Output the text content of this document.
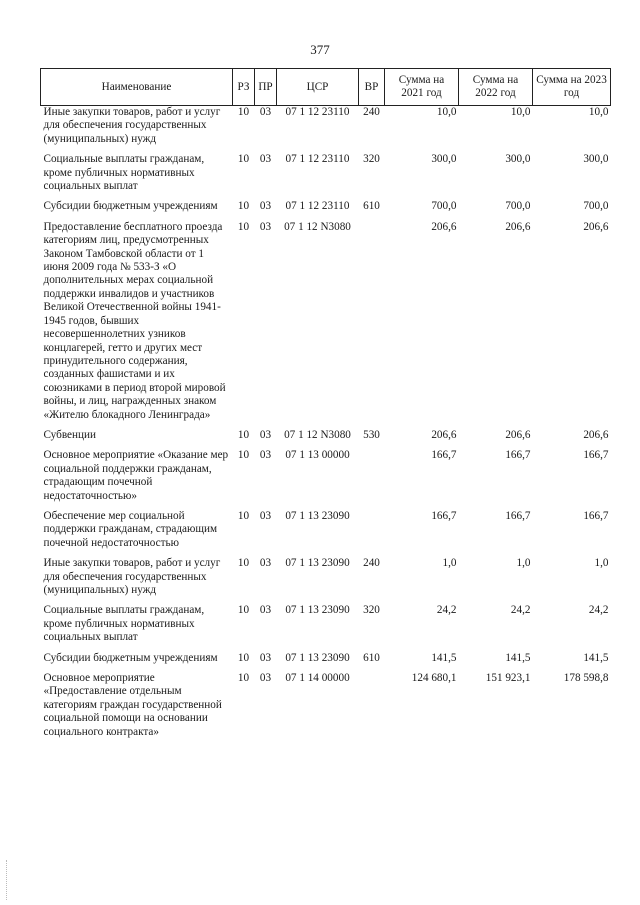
377
Наименование	РЗ	ПР	ЦСР	ВР	Сумма на 2021 год	Сумма на 2022 год	Сумма на 2023 год
Иные закупки товаров, работ и услуг для обеспечения государственных (муниципальных) нужд	10	03	07 1 12 23110	240	10,0	10,0	10,0
Социальные выплаты гражданам, кроме публичных нормативных социальных выплат	10	03	07 1 12 23110	320	300,0	300,0	300,0
Субсидии бюджетным учреждениям	10	03	07 1 12 23110	610	700,0	700,0	700,0
Предоставление бесплатного проезда категориям лиц, предусмотренных Законом Тамбовской области от 1 июня 2009 года № 533-З «О дополнительных мерах социальной поддержки инвалидов и участников Великой Отечественной войны 1941-1945 годов, бывших несовершеннолетних узников концлагерей, гетто и других мест принудительного содержания, созданных фашистами и их союзниками в период второй мировой войны, и лиц, награжденных знаком «Жителю блокадного Ленинграда»	10	03	07 1 12 N3080		206,6	206,6	206,6
Субвенции	10	03	07 1 12 N3080	530	206,6	206,6	206,6
Основное мероприятие «Оказание мер социальной поддержки гражданам, страдающим почечной недостаточностью»	10	03	07 1 13 00000		166,7	166,7	166,7
Обеспечение мер социальной поддержки гражданам, страдающим почечной недостаточностью	10	03	07 1 13 23090		166,7	166,7	166,7
Иные закупки товаров, работ и услуг для обеспечения государственных (муниципальных) нужд	10	03	07 1 13 23090	240	1,0	1,0	1,0
Социальные выплаты гражданам, кроме публичных нормативных социальных выплат	10	03	07 1 13 23090	320	24,2	24,2	24,2
Субсидии бюджетным учреждениям	10	03	07 1 13 23090	610	141,5	141,5	141,5
Основное мероприятие «Предоставление отдельным категориям граждан государственной социальной помощи на основании социального контракта»	10	03	07 1 14 00000		124 680,1	151 923,1	178 598,8
